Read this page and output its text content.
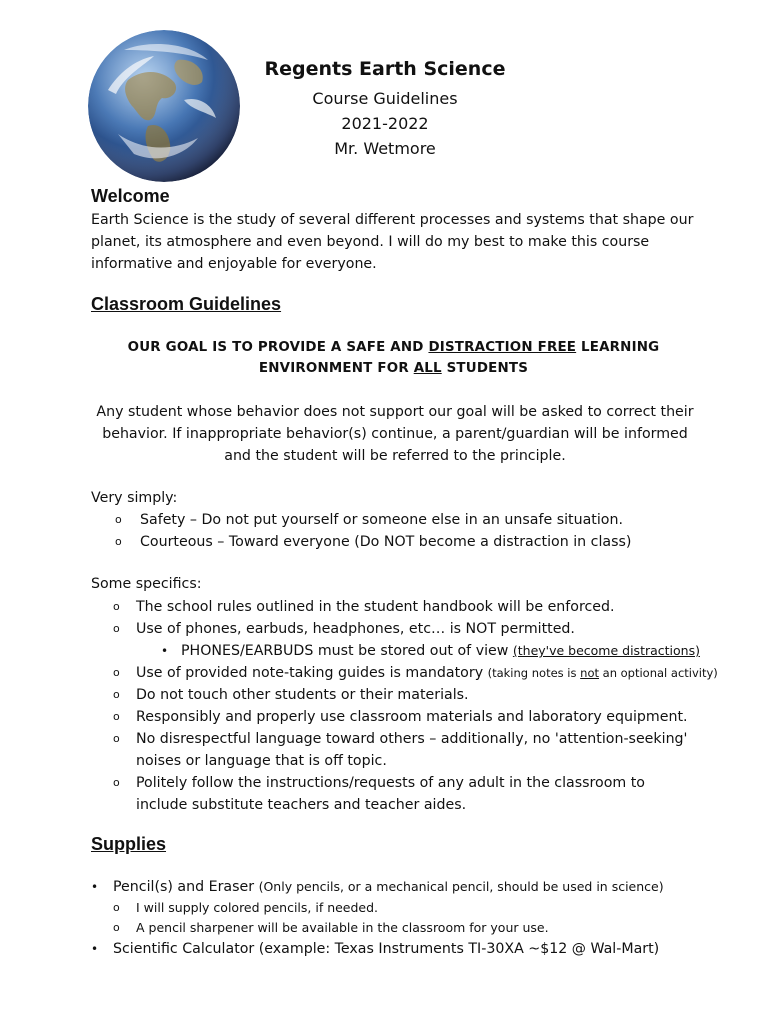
Regents Earth Science
Course Guidelines
2021-2022
Mr. Wetmore
Welcome

Earth Science is the study of several different processes and systems that shape our planet, its atmosphere and even beyond. I will do my best to make this course informative and enjoyable for everyone.

Classroom Guidelines

OUR GOAL IS TO PROVIDE A SAFE AND DISTRACTION FREE LEARNING ENVIRONMENT FOR ALL STUDENTS

Any student whose behavior does not support our goal will be asked to correct their behavior. If inappropriate behavior(s) continue, a parent/guardian will be informed and the student will be referred to the principle.

Very simply:

o Safety – Do not put yourself or someone else in an unsafe situation.
o Courteous – Toward everyone (Do NOT become a distraction in class)

Some specifics:

o The school rules outlined in the student handbook will be enforced.
o Use of phones, earbuds, headphones, etc… is NOT permitted.
• PHONES/EARBUDS must be stored out of view (they've become distractions)
o Use of provided note-taking guides is mandatory (taking notes is not an optional activity)
o Do not touch other students or their materials.
o Responsibly and properly use classroom materials and laboratory equipment.
o No disrespectful language toward others – additionally, no 'attention-seeking' noises or language that is off topic.
o Politely follow the instructions/requests of any adult in the classroom to include substitute teachers and teacher aides.
Supplies
• Pencil(s) and Eraser (Only pencils, or a mechanical pencil, should be used in science)
o I will supply colored pencils, if needed.
o A pencil sharpener will be available in the classroom for your use.
• Scientific Calculator (example: Texas Instruments TI-30XA ~$12 @ Wal-Mart)
